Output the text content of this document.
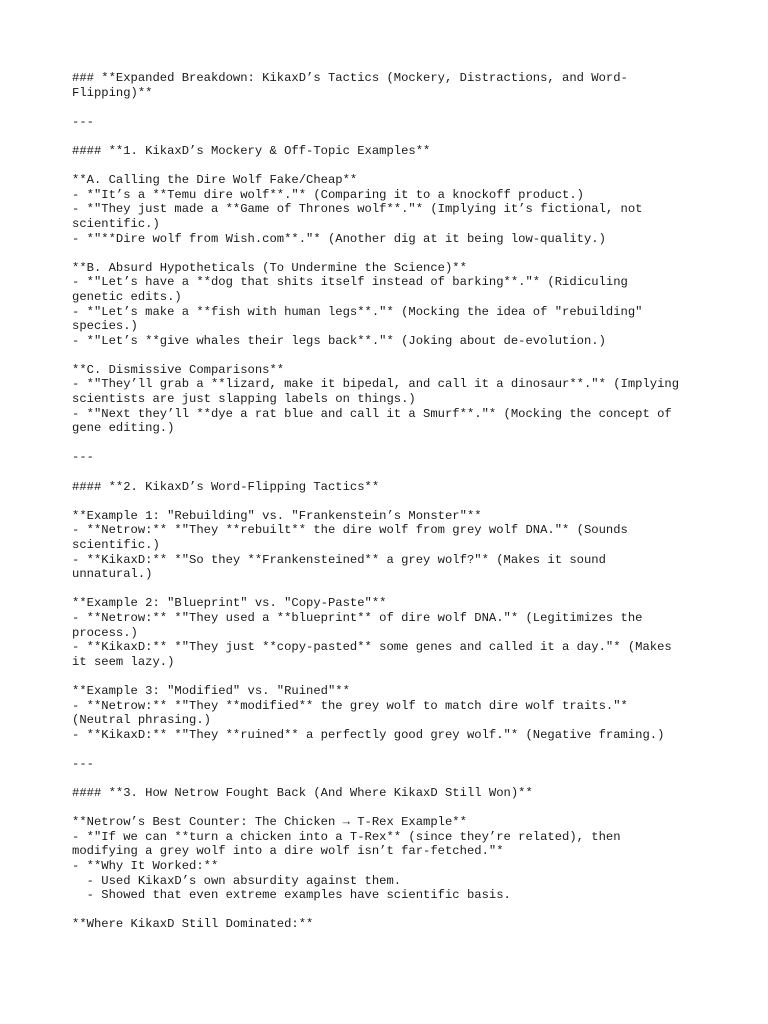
### **Expanded Breakdown: KikaxD’s Tactics (Mockery, Distractions, and Word-
Flipping)**
---
#### **1. KikaxD’s Mockery & Off-Topic Examples**
**A. Calling the Dire Wolf Fake/Cheap**
- *"It’s a **Temu dire wolf**."* (Comparing it to a knockoff product.)
- *"They just made a **Game of Thrones wolf**."* (Implying it’s fictional, not
scientific.)
- *"**Dire wolf from Wish.com**."* (Another dig at it being low-quality.)
**B. Absurd Hypotheticals (To Undermine the Science)**
- *"Let’s have a **dog that shits itself instead of barking**."* (Ridiculing
genetic edits.)
- *"Let’s make a **fish with human legs**."* (Mocking the idea of "rebuilding"
species.)
- *"Let’s **give whales their legs back**."* (Joking about de-evolution.)
**C. Dismissive Comparisons**
- *"They’ll grab a **lizard, make it bipedal, and call it a dinosaur**."* (Implying
scientists are just slapping labels on things.)
- *"Next they’ll **dye a rat blue and call it a Smurf**."* (Mocking the concept of
gene editing.)
---
#### **2. KikaxD’s Word-Flipping Tactics**
**Example 1: "Rebuilding" vs. "Frankenstein’s Monster"**
- **Netrow:** *"They **rebuilt** the dire wolf from grey wolf DNA."* (Sounds
scientific.)
- **KikaxD:** *"So they **Frankensteined** a grey wolf?"* (Makes it sound
unnatural.)
**Example 2: "Blueprint" vs. "Copy-Paste"**
- **Netrow:** *"They used a **blueprint** of dire wolf DNA."* (Legitimizes the
process.)
- **KikaxD:** *"They just **copy-pasted** some genes and called it a day."* (Makes
it seem lazy.)
**Example 3: "Modified" vs. "Ruined"**
- **Netrow:** *"They **modified** the grey wolf to match dire wolf traits."*
(Neutral phrasing.)
- **KikaxD:** *"They **ruined** a perfectly good grey wolf."* (Negative framing.)
---
#### **3. How Netrow Fought Back (And Where KikaxD Still Won)**
**Netrow’s Best Counter: The Chicken → T-Rex Example**
- *"If we can **turn a chicken into a T-Rex** (since they’re related), then
modifying a grey wolf into a dire wolf isn’t far-fetched."*
- **Why It Worked:**
- Used KikaxD’s own absurdity against them.
- Showed that even extreme examples have scientific basis.
**Where KikaxD Still Dominated:**
